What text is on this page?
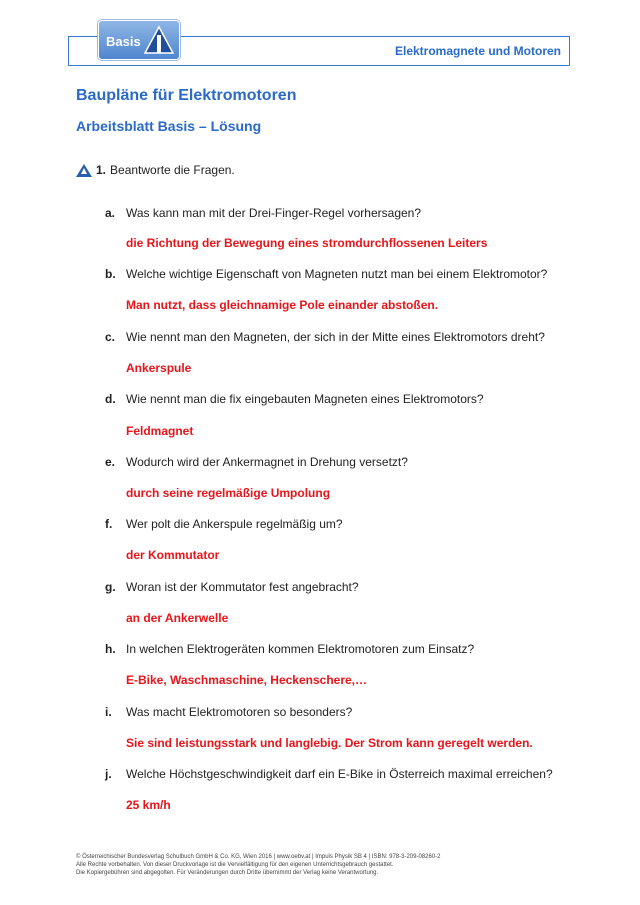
Elektromagnete und Motoren
Basis
Baupläne für Elektromotoren
Arbeitsblatt Basis – Lösung
1. Beantworte die Fragen.
a. Was kann man mit der Drei-Finger-Regel vorhersagen?
die Richtung der Bewegung eines stromdurchflossenen Leiters
b. Welche wichtige Eigenschaft von Magneten nutzt man bei einem Elektromotor?
Man nutzt, dass gleichnamige Pole einander abstoßen.
c. Wie nennt man den Magneten, der sich in der Mitte eines Elektromotors dreht?
Ankerspule
d. Wie nennt man die fix eingebauten Magneten eines Elektromotors?
Feldmagnet
e. Wodurch wird der Ankermagnet in Drehung versetzt?
durch seine regelmäßige Umpolung
f.	Wer polt die Ankerspule regelmäßig um?
der Kommutator
g. Woran ist der Kommutator fest angebracht?
an der Ankerwelle
h. In welchen Elektrogeräten kommen Elektromotoren zum Einsatz?
E-Bike, Waschmaschine, Heckenschere,…
i.	Was macht Elektromotoren so besonders?
Sie sind leistungsstark und langlebig. Der Strom kann geregelt werden.
j.	Welche Höchstgeschwindigkeit darf ein E-Bike in Österreich maximal erreichen?
25 km/h
© Österreichischer Bundesverlag Schulbuch GmbH & Co. KG, Wien 2016 | www.oebv.at | Impuls Physik SB 4 | ISBN: 978-3-209-08260-2
Alle Rechte vorbehalten. Von dieser Druckvorlage ist die Vervielfältigung für den eigenen Unterrichtsgebrauch gestattet.
Die Kopiergebühren sind abgegolten. Für Veränderungen durch Dritte übernimmt der Verlag keine Verantwortung.
